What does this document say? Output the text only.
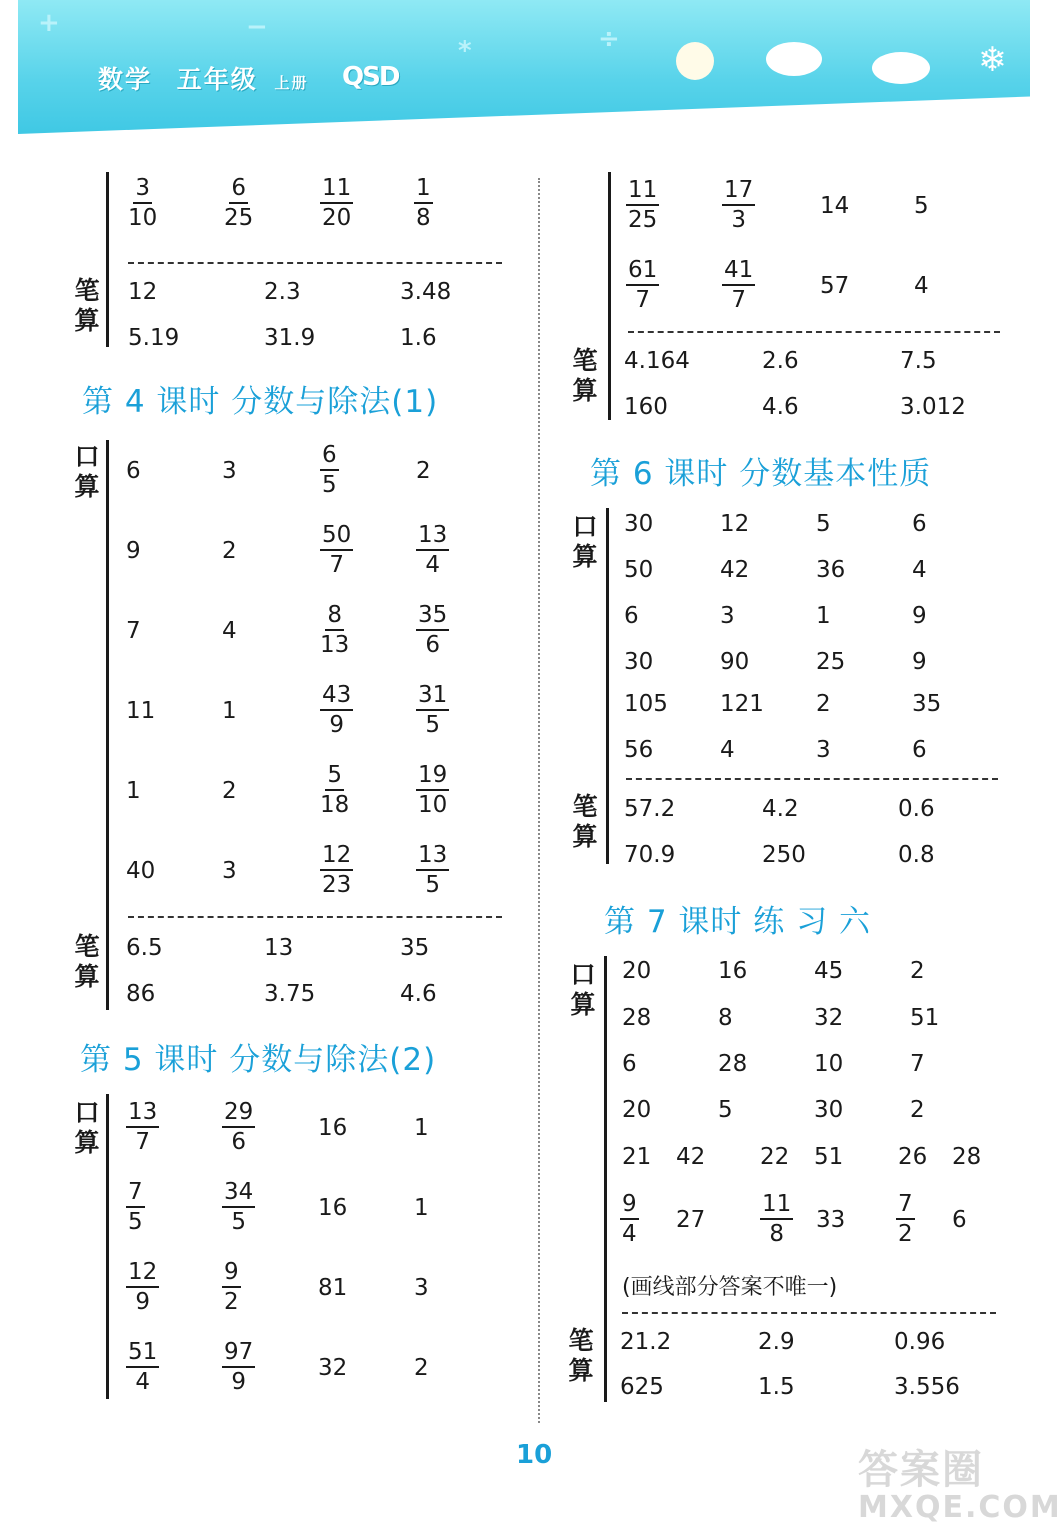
+	−
*	÷
❄
数学 五年级 上册 QSD
$\frac{3}{10}$	$\frac{6}{25}$	$\frac{11}{20}$	$\frac{1}{8}$
笔
算
12	2.3	3.48
5.19	31.9	1.6
第 4 课时 分数与除法(1)
口
算
6	3	$\frac{6}{5}$	2
9	2	$\frac{50}{7}$	$\frac{13}{4}$
7	4	$\frac{8}{13}$	$\frac{35}{6}$
11	1	$\frac{43}{9}$	$\frac{31}{5}$
1	2	$\frac{5}{18}$	$\frac{19}{10}$
40	3	$\frac{12}{23}$	$\frac{13}{5}$
笔
算
6.5	13	35
86	3.75	4.6
第 5 课时 分数与除法(2)
口
算 $\frac{13}{7}$	$\frac{29}{6}$	16	1
$\frac{7}{5}$	$\frac{34}{5}$	16	1
$\frac{12}{9}$	$\frac{9}{2}$	81	3
$\frac{51}{4}$	$\frac{97}{9}$	32	2
$\frac{11}{25}$	$\frac{17}{3}$	14	5
$\frac{61}{7}$	$\frac{41}{7}$	57	4
笔
算
4.164	2.6	7.5
160	4.6	3.012
第 6 课时 分数基本性质
口
算
30	12	5	6
50	42	36	4
6	3	1	9
30	90	25	9
105 121 2	35
56	4	3	6
笔
算
57.2	4.2	0.6
70.9	250	0.8
第 7 课时 练 习 六
口
算
20	16	45	2
28	8	32	51
6	28	10	7
20	5	30	2
21 42 22 51 26 28
$\frac{9}{4} 27 \frac{11}{8} 33 \frac{7}{2} 6$
(画线部分答案不唯一)
笔
算
21.2	2.9	0.96
625	1.5	3.556
10	答案圈
MXQE.COM
